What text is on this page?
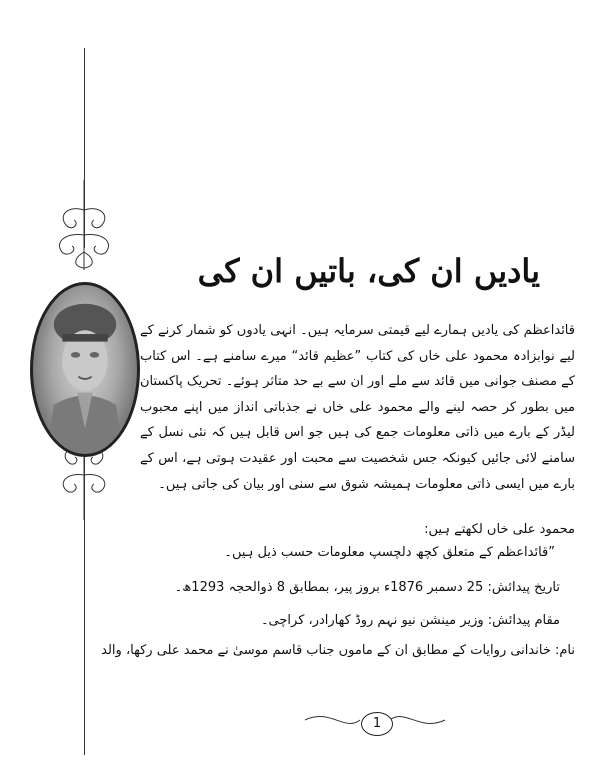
یادیں ان کی، باتیں ان کی

قائداعظم کی یادیں ہمارے لیے قیمتی سرمایہ ہیں۔ انہی یادوں کو شمار کرنے کے لیے نوابزادہ محمود علی خاں کی کتاب ”عظیم قائد“ میرے سامنے ہے۔ اس کتاب کے مصنف جوانی میں قائد سے ملے اور ان سے بے حد متاثر ہوئے۔ تحریک پاکستان میں بطور کر حصہ لینے والے محمود علی خاں نے جذباتی انداز میں اپنے محبوب لیڈر کے بارے میں ذاتی معلومات جمع کی ہیں جو اس قابل ہیں کہ نئی نسل کے سامنے لائی جائیں کیونکہ جس شخصیت سے محبت اور عقیدت ہوتی ہے، اس کے بارے میں ایسی ذاتی معلومات ہمیشہ شوق سے سنی اور بیان کی جاتی ہیں۔

محمود علی خاں لکھتے ہیں:
”قائداعظم کے متعلق کچھ دلچسپ معلومات حسب ذیل ہیں۔
تاریخ پیدائش: 25 دسمبر 1876ء بروز پیر، بمطابق 8 ذوالحجہ 1293ھ۔
مقام پیدائش: وزیر مینشن نیو نہم روڈ کھارادر، کراچی۔
نام: خاندانی روایات کے مطابق ان کے ماموں جناب قاسم موسیٰ نے محمد علی رکھا، والد
1
